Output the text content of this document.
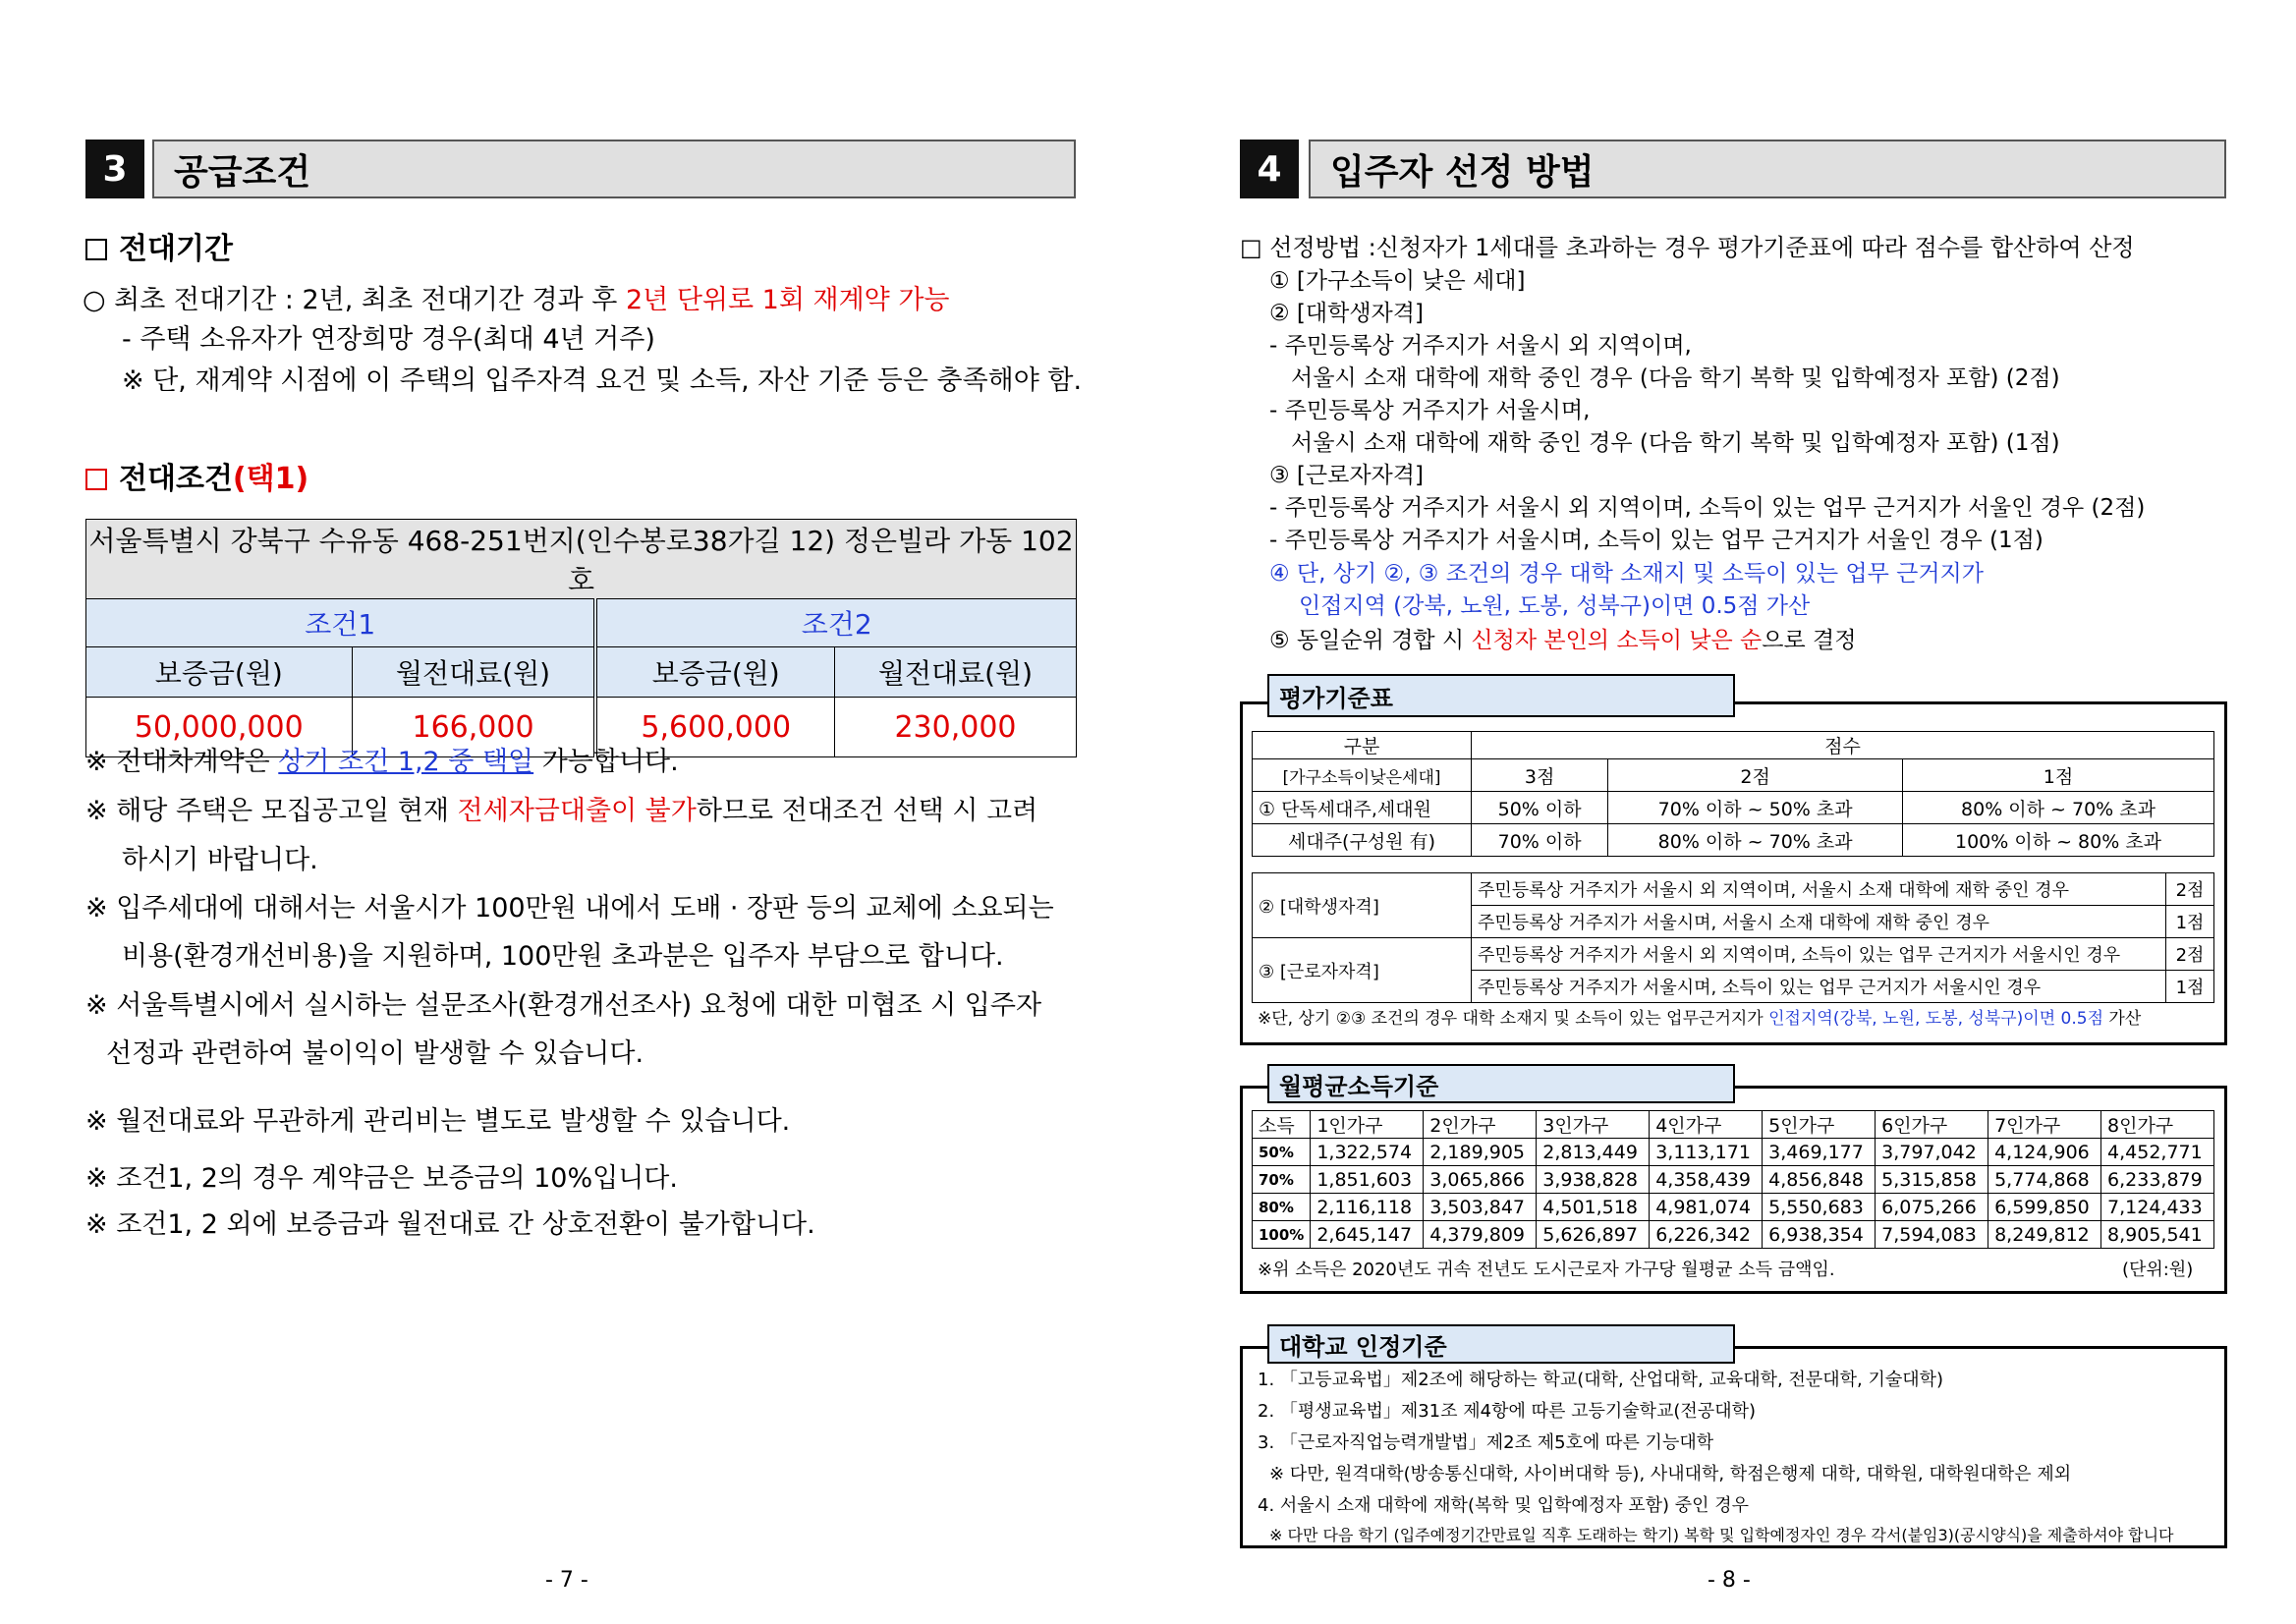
3	공급조건
전대기간
○ 최초 전대기간 : 2년, 최초 전대기간 경과 후 2년 단위로 1회 재계약 가능
- 주택 소유자가 연장희망 경우(최대 4년 거주)
※ 단, 재계약 시점에 이 주택의 입주자격 요건 및 소득, 자산 기준 등은 충족해야 함.
전대조건(택1)
서울특별시 강북구 수유동 468-251번지(인수봉로38가길 12) 정은빌라 가동 102호			
조건1		조건2	
보증금(원)	월전대료(원)	보증금(원)	월전대료(원)
50,000,000	166,000	5,600,000	230,000
※ 전대차계약은 상기 조건 1,2 중 택일 가능합니다.
※ 해당 주택은 모집공고일 현재 전세자금대출이 불가하므로 전대조건 선택 시 고려
하시기 바랍니다.
※ 입주세대에 대해서는 서울시가 100만원 내에서 도배 · 장판 등의 교체에 소요되는
비용(환경개선비용)을 지원하며, 100만원 초과분은 입주자 부담으로 합니다.
※ 서울특별시에서 실시하는 설문조사(환경개선조사) 요청에 대한 미협조 시 입주자
선정과 관련하여 불이익이 발생할 수 있습니다.
※ 월전대료와 무관하게 관리비는 별도로 발생할 수 있습니다.
※ 조건1, 2의 경우 계약금은 보증금의 10%입니다.
※ 조건1, 2 외에 보증금과 월전대료 간 상호전환이 불가합니다.
- 7 -
4	입주자 선정 방법
□ 선정방법 :신청자가 1세대를 초과하는 경우 평가기준표에 따라 점수를 합산하여 산정
① [가구소득이 낮은 세대]
② [대학생자격]
- 주민등록상 거주지가 서울시 외 지역이며,
서울시 소재 대학에 재학 중인 경우 (다음 학기 복학 및 입학예정자 포함) (2점)
- 주민등록상 거주지가 서울시며,
서울시 소재 대학에 재학 중인 경우 (다음 학기 복학 및 입학예정자 포함) (1점)
③ [근로자자격]
- 주민등록상 거주지가 서울시 외 지역이며, 소득이 있는 업무 근거지가 서울인 경우 (2점)
- 주민등록상 거주지가 서울시며, 소득이 있는 업무 근거지가 서울인 경우 (1점)
④ 단, 상기 ②, ③ 조건의 경우 대학 소재지 및 소득이 있는 업무 근거지가
인접지역 (강북, 노원, 도봉, 성북구)이면 0.5점 가산
⑤ 동일순위 경합 시 신청자 본인의 소득이 낮은 순으로 결정
평가기준표
구분	점수		
[가구소득이낮은세대]	3점	2점	1점
① 단독세대주,세대원	50% 이하	70% 이하 ~ 50% 초과	80% 이하 ~ 70% 초과
세대주(구성원 有)	70% 이하	80% 이하 ~ 70% 초과	100% 이하 ~ 80% 초과
② [대학생자격]	주민등록상 거주지가 서울시 외 지역이며, 서울시 소재 대학에 재학 중인 경우	2점
	주민등록상 거주지가 서울시며, 서울시 소재 대학에 재학 중인 경우	1점
③ [근로자자격]	주민등록상 거주지가 서울시 외 지역이며, 소득이 있는 업무 근거지가 서울시인 경우	2점
	주민등록상 거주지가 서울시며, 소득이 있는 업무 근거지가 서울시인 경우	1점
※단, 상기 ②③ 조건의 경우 대학 소재지 및 소득이 있는 업무근거지가 인접지역(강북, 노원, 도봉, 성북구)이면 0.5점 가산
월평균소득기준
소득	1인가구	2인가구	3인가구	4인가구	5인가구	6인가구	7인가구	8인가구
50%	1,322,574	2,189,905	2,813,449	3,113,171	3,469,177	3,797,042	4,124,906	4,452,771
70%	1,851,603	3,065,866	3,938,828	4,358,439	4,856,848	5,315,858	5,774,868	6,233,879
80%	2,116,118	3,503,847	4,501,518	4,981,074	5,550,683	6,075,266	6,599,850	7,124,433
100%	2,645,147	4,379,809	5,626,897	6,226,342	6,938,354	7,594,083	8,249,812	8,905,541
※위 소득은 2020년도 귀속 전년도 도시근로자 가구당 월평균 소득 금액임.	(단위:원)
대학교 인정기준
1. 「고등교육법」제2조에 해당하는 학교(대학, 산업대학, 교육대학, 전문대학, 기술대학)
2. 「평생교육법」제31조 제4항에 따른 고등기술학교(전공대학)
3. 「근로자직업능력개발법」제2조 제5호에 따른 기능대학
※ 다만, 원격대학(방송통신대학, 사이버대학 등), 사내대학, 학점은행제 대학, 대학원, 대학원대학은 제외
4. 서울시 소재 대학에 재학(복학 및 입학예정자 포함) 중인 경우
※ 다만 다음 학기 (입주예정기간만료일 직후 도래하는 학기) 복학 및 입학예정자인 경우 각서(붙임3)(공시양식)을 제출하셔야 합니다
- 8 -
